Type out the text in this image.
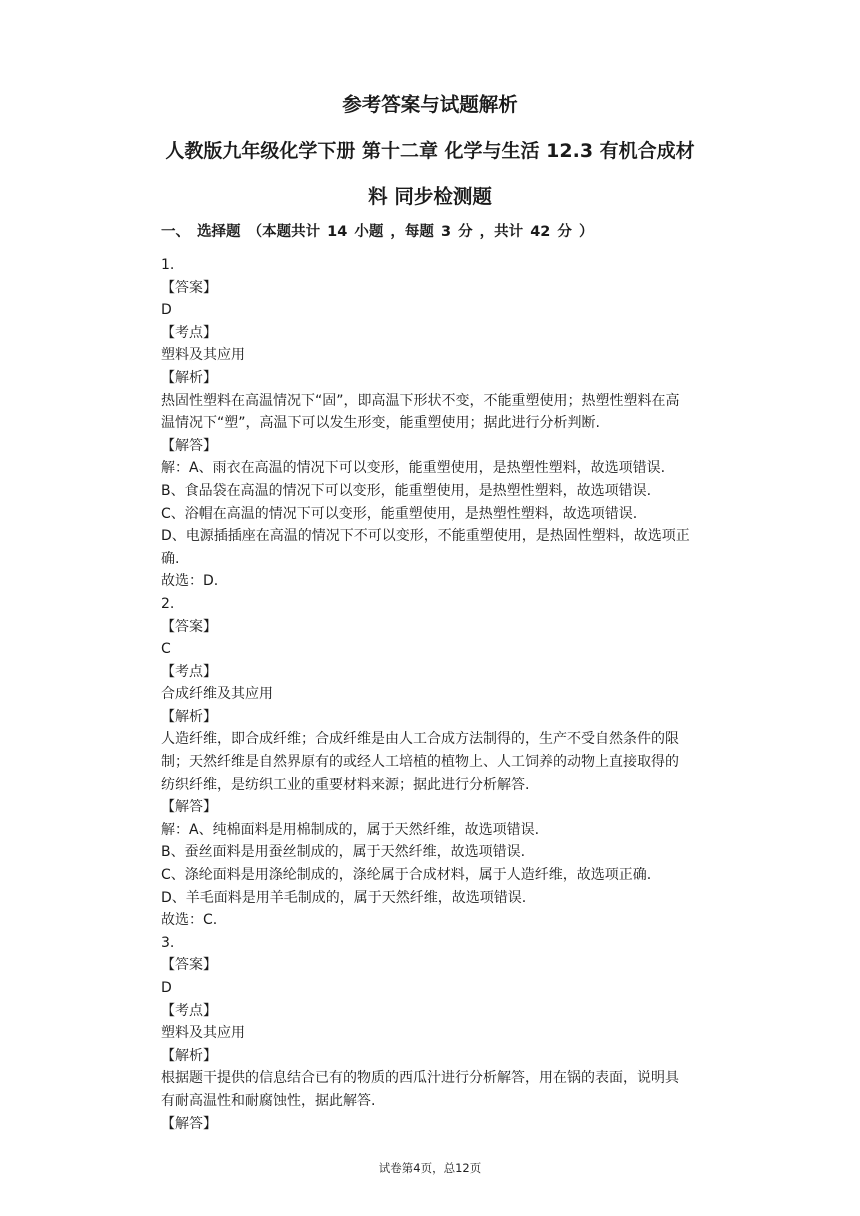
参考答案与试题解析
人教版九年级化学下册 第十二章 化学与生活 12.3 有机合成材
料 同步检测题
一、 选择题 （本题共计 14 小题 ，每题 3 分 ，共计 42 分 ）
1.
【答案】
D
【考点】
塑料及其应用
【解析】
热固性塑料在高温情况下“固”，即高温下形状不变，不能重塑使用；热塑性塑料在高
温情况下“塑”，高温下可以发生形变，能重塑使用；据此进行分析判断.
【解答】
解：A、雨衣在高温的情况下可以变形，能重塑使用，是热塑性塑料，故选项错误.
B、食品袋在高温的情况下可以变形，能重塑使用，是热塑性塑料，故选项错误.
C、浴帽在高温的情况下可以变形，能重塑使用，是热塑性塑料，故选项错误.
D、电源插插座在高温的情况下不可以变形，不能重塑使用，是热固性塑料，故选项正
确.
故选：D.
2.
【答案】
C
【考点】
合成纤维及其应用
【解析】
人造纤维，即合成纤维；合成纤维是由人工合成方法制得的，生产不受自然条件的限
制；天然纤维是自然界原有的或经人工培植的植物上、人工饲养的动物上直接取得的
纺织纤维，是纺织工业的重要材料来源；据此进行分析解答.
【解答】
解：A、纯棉面料是用棉制成的，属于天然纤维，故选项错误.
B、蚕丝面料是用蚕丝制成的，属于天然纤维，故选项错误.
C、涤纶面料是用涤纶制成的，涤纶属于合成材料，属于人造纤维，故选项正确.
D、羊毛面料是用羊毛制成的，属于天然纤维，故选项错误.
故选：C.
3.
【答案】
D
【考点】
塑料及其应用
【解析】
根据题干提供的信息结合已有的物质的西瓜汁进行分析解答，用在锅的表面，说明具
有耐高温性和耐腐蚀性，据此解答.
【解答】
试卷第4页，总12页
